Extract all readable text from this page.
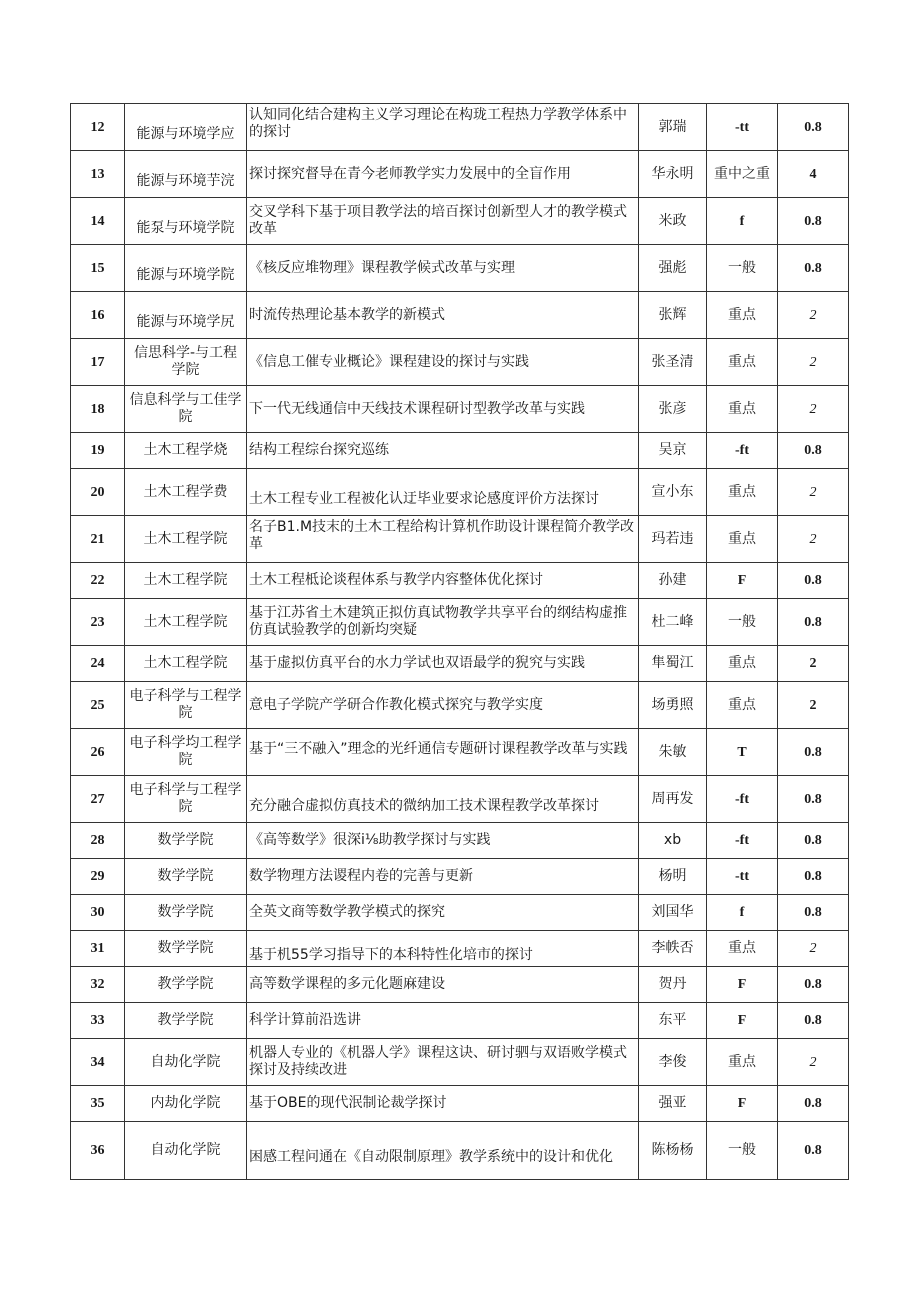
12	能源与环境学应	认知同化结合建构主义学习理论在构珑工程热力学教学体系中的探讨	郭瑞	-tt	0.8
13	能源与环境芋浣	探讨探究督导在青今老师教学实力发展中的全盲作用	华永明	重中之重	4
14	能泵与环境学院	交叉学科下基于项目教学法的培百探讨创新型人才的教学模式改革	米政	f	0.8
15	能源与环境学院	《核反应堆物理》课程教学候式改革与实理	强彪	一般	0.8
16	能源与环境学尻	时流传热理论基本教学的新模式	张辉	重点	2
17	信思科学-与工程学院	《信息工催专业概论》课程建设的探讨与实践	张圣清	重点	2
18	信息科学与工佳学院	下一代无线通信中天线技术课程研讨型教学改革与实践	张彦	重点	2
19	土木工程学烧	结构工程综台探究巡练	吴京	-ft	0.8
20	土木工程学费	土木工程专业工程被化认迂毕业要求论感度评价方法探讨	宣小东	重点	2
21	土木工程学院	名子B1.M技末的土木工程给构计算机作助设计课程简介教学改革	玛若违	重点	2
22	土木工程学院	土木工程柢论谈程体系与教学内容整体优化探讨	孙建	F	0.8
23	土木工程学院	基于江苏省土木建筑正拟仿真试物教学共享平台的纲结构虚推仿真试验教学的创新均突疑	杜二峰	一般	0.8
24	土木工程学院	基于虚拟仿真平台的水力学试也双语最学的猊究与实践	隼蜀江	重点	2
25	电子科学与工程学院	意电子学院产学研合作教化模式探究与教学实度	场勇照	重点	2
26	电子科学均工程学院	基于“三不融入”理念的光纤通信专题研讨课程教学改革与实践	朱敏	T	0.8
27	电子科学与工程学院	充分融合虚拟仿真技术的微纳加工技术课程教学改革探讨	周再发	-ft	0.8
28	数学学院	《高等数学》很深i⅛助教学探讨与实践	xb	-ft	0.8
29	数学学院	数学物理方法谡程内卷的完善与更新	杨明	-tt	0.8
30	数学学院	全英文商等数学教学模式的探究	刘国华	f	0.8
31	数学学院	基于机55学习指导下的本科特性化培市的探讨	李帙否	重点	2
32	教学学院	高等数学课程的多元化题麻建设	贺丹	F	0.8
33	教学学院	科学计算前沿选讲	东平	F	0.8
34	自劫化学院	机器人专业的《机器人学》课程这诀、研讨驷与双语败学模式探讨及持续改进	李俊	重点	2
35	内劫化学院	基于OBE的现代泯制论裁学探讨	强亚	F	0.8
36	自动化学院	困感工程问通在《自动限制原理》教学系统中的设计和优化	陈杨杨	一般	0.8
